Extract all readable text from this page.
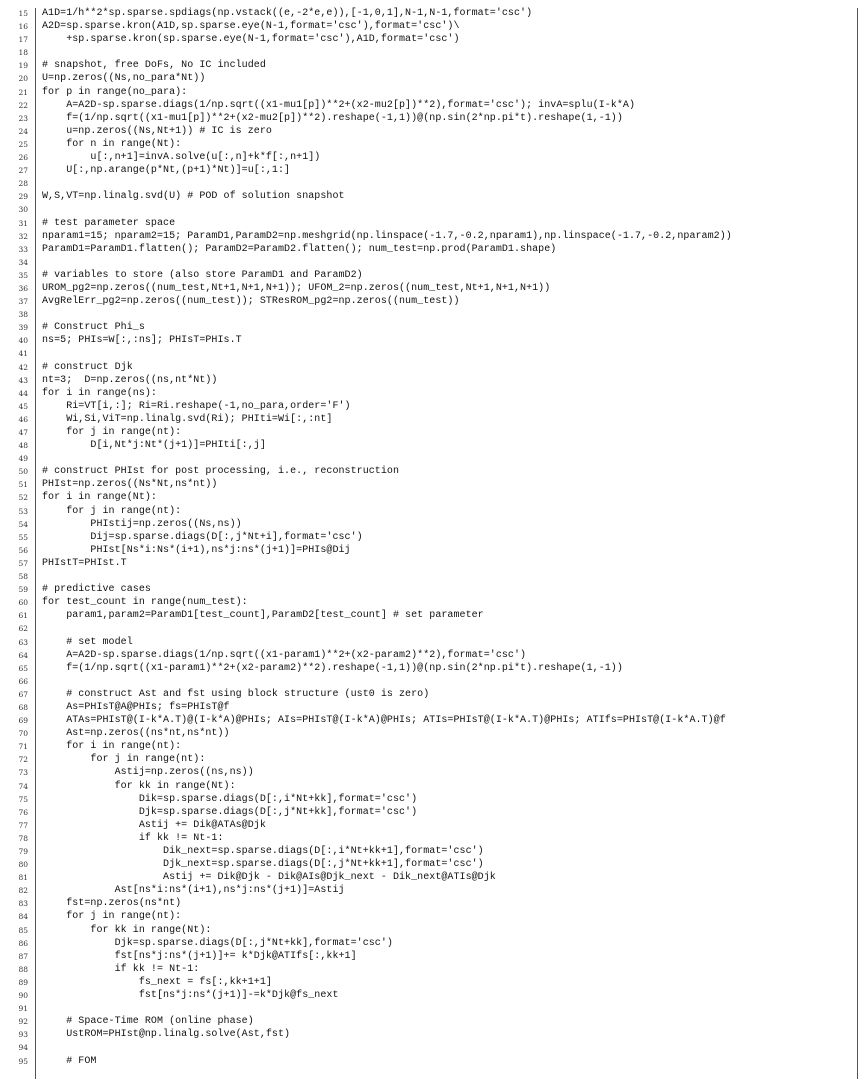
15 A1D=1/h**2*sp.sparse.spdiags(np.vstack((e,-2*e,e)),[-1,0,1],N-1,N-1,format='csc')
16 A2D=sp.sparse.kron(A1D,sp.sparse.eye(N-1,format='csc'),format='csc')\
17 +sp.sparse.kron(sp.sparse.eye(N-1,format='csc'),A1D,format='csc')
18
19 # snapshot, free DoFs, No IC included
20 U=np.zeros((Ns,no_para*Nt))
21 for p in range(no_para):
22 A=A2D-sp.sparse.diags(1/np.sqrt((x1-mu1[p])**2+(x2-mu2[p])**2),format='csc'); invA=splu(I-k*A)
23 f=(1/np.sqrt((x1-mu1[p])**2+(x2-mu2[p])**2).reshape(-1,1))@(np.sin(2*np.pi*t).reshape(1,-1))
24 u=np.zeros((Ns,Nt+1)) # IC is zero
25 for n in range(Nt):
26 u[:,n+1]=invA.solve(u[:,n]+k*f[:,n+1])
27 U[:,np.arange(p*Nt,(p+1)*Nt)]=u[:,1:]
28
29 W,S,VT=np.linalg.svd(U) # POD of solution snapshot
30
31 # test parameter space
32 nparam1=15; nparam2=15; ParamD1,ParamD2=np.meshgrid(np.linspace(-1.7,-0.2,nparam1),np.linspace(-1.7,-0.2,nparam2))
33 ParamD1=ParamD1.flatten(); ParamD2=ParamD2.flatten(); num_test=np.prod(ParamD1.shape)
34
35 # variables to store (also store ParamD1 and ParamD2)
36 UROM_pg2=np.zeros((num_test,Nt+1,N+1,N+1)); UFOM_2=np.zeros((num_test,Nt+1,N+1,N+1))
37 AvgRelErr_pg2=np.zeros((num_test)); STResROM_pg2=np.zeros((num_test))
38
39 # Construct Phi_s
40 ns=5; PHIs=W[:,:ns]; PHIsT=PHIs.T
41
42 # construct Djk
43 nt=3;  D=np.zeros((ns,nt*Nt))
44 for i in range(ns):
45 Ri=VT[i,:]; Ri=Ri.reshape(-1,no_para,order='F')
46 Wi,Si,ViT=np.linalg.svd(Ri); PHIti=Wi[:,:nt]
47 for j in range(nt):
48 D[i,Nt*j:Nt*(j+1)]=PHIti[:,j]
49
50 # construct PHIst for post processing, i.e., reconstruction
51 PHIst=np.zeros((Ns*Nt,ns*nt))
52 for i in range(Nt):
53 for j in range(nt):
54 PHIstij=np.zeros((Ns,ns))
55 Dij=sp.sparse.diags(D[:,j*Nt+i],format='csc')
56 PHIst[Ns*i:Ns*(i+1),ns*j:ns*(j+1)]=PHIs@Dij
57 PHIstT=PHIst.T
58
59 # predictive cases
60 for test_count in range(num_test):
61 param1,param2=ParamD1[test_count],ParamD2[test_count] # set parameter
62
63 # set model
64 A=A2D-sp.sparse.diags(1/np.sqrt((x1-param1)**2+(x2-param2)**2),format='csc')
65 f=(1/np.sqrt((x1-param1)**2+(x2-param2)**2).reshape(-1,1))@(np.sin(2*np.pi*t).reshape(1,-1))
66
67 # construct Ast and fst using block structure (ust0 is zero)
68 As=PHIsT@A@PHIs; fs=PHIsT@f
69 ATAs=PHIsT@(I-k*A.T)@(I-k*A)@PHIs; AIs=PHIsT@(I-k*A)@PHIs; ATIs=PHIsT@(I-k*A.T)@PHIs; ATIfs=PHIsT@(I-k*A.T)@f
70 Ast=np.zeros((ns*nt,ns*nt))
71 for i in range(nt):
72 for j in range(nt):
73 Astij=np.zeros((ns,ns))
74 for kk in range(Nt):
75 Dik=sp.sparse.diags(D[:,i*Nt+kk],format='csc')
76 Djk=sp.sparse.diags(D[:,j*Nt+kk],format='csc')
77 Astij += Dik@ATAs@Djk
78 if kk != Nt-1:
79 Dik_next=sp.sparse.diags(D[:,i*Nt+kk+1],format='csc')
80 Djk_next=sp.sparse.diags(D[:,j*Nt+kk+1],format='csc')
81 Astij += Dik@Djk - Dik@AIs@Djk_next - Dik_next@ATIs@Djk
82 Ast[ns*i:ns*(i+1),ns*j:ns*(j+1)]=Astij
83 fst=np.zeros(ns*nt)
84 for j in range(nt):
85 for kk in range(Nt):
86 Djk=sp.sparse.diags(D[:,j*Nt+kk],format='csc')
87 fst[ns*j:ns*(j+1)]+= k*Djk@ATIfs[:,kk+1]
88 if kk != Nt-1:
89 fs_next = fs[:,kk+1+1]
90 fst[ns*j:ns*(j+1)]-=k*Djk@fs_next
91
92 # Space-Time ROM (online phase)
93 UstROM=PHIst@np.linalg.solve(Ast,fst)
94
95 # FOM
